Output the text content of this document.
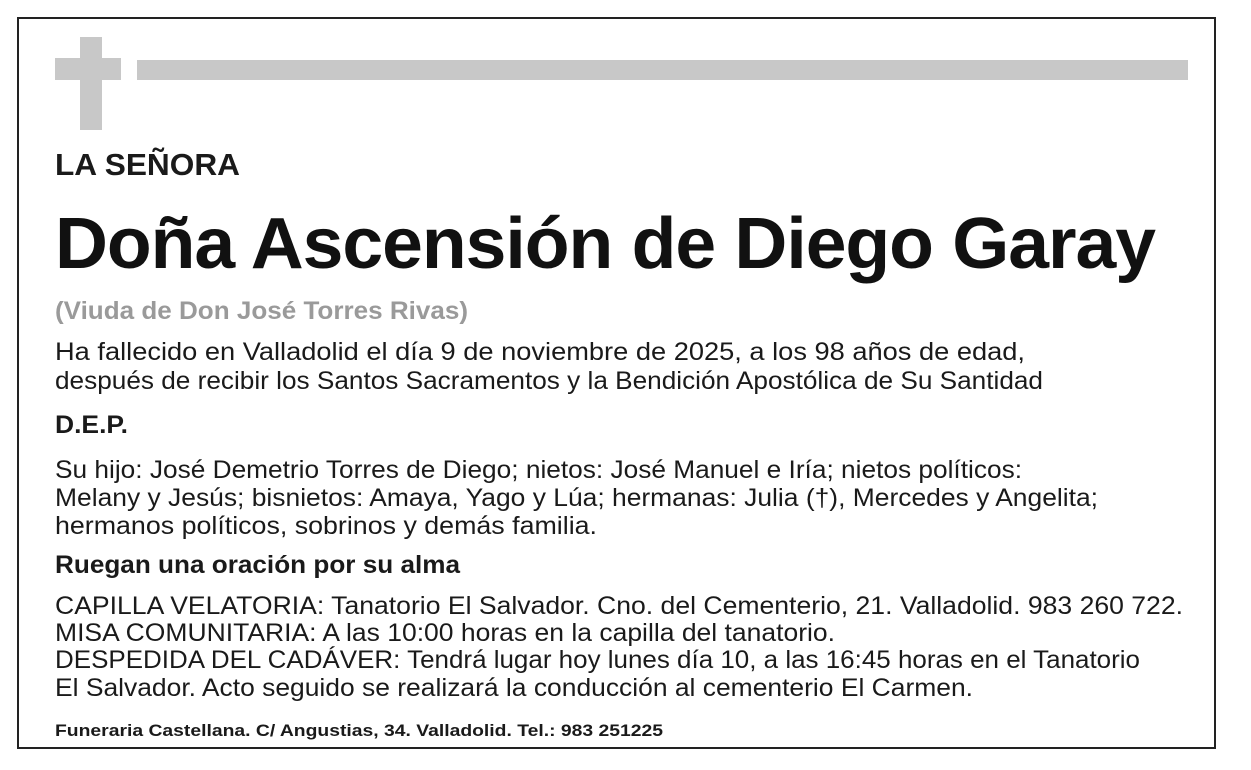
LA SEÑORA
Doña Ascensión de Diego Garay
(Viuda de Don José Torres Rivas)
Ha fallecido en Valladolid el día 9 de noviembre de 2025, a los 98 años de edad,
después de recibir los Santos Sacramentos y la Bendición Apostólica de Su Santidad
D.E.P.
Su hijo: José Demetrio Torres de Diego; nietos: José Manuel e Iría; nietos políticos:
Melany y Jesús; bisnietos: Amaya, Yago y Lúa; hermanas: Julia (†), Mercedes y Angelita;
hermanos políticos, sobrinos y demás familia.
Ruegan una oración por su alma
CAPILLA VELATORIA: Tanatorio El Salvador. Cno. del Cementerio, 21. Valladolid. 983 260 722.
MISA COMUNITARIA: A las 10:00 horas en la capilla del tanatorio.
DESPEDIDA DEL CADÁVER: Tendrá lugar hoy lunes día 10, a las 16:45 horas en el Tanatorio
El Salvador. Acto seguido se realizará la conducción al cementerio El Carmen.
Funeraria Castellana. C/ Angustias, 34. Valladolid. Tel.: 983 251225
